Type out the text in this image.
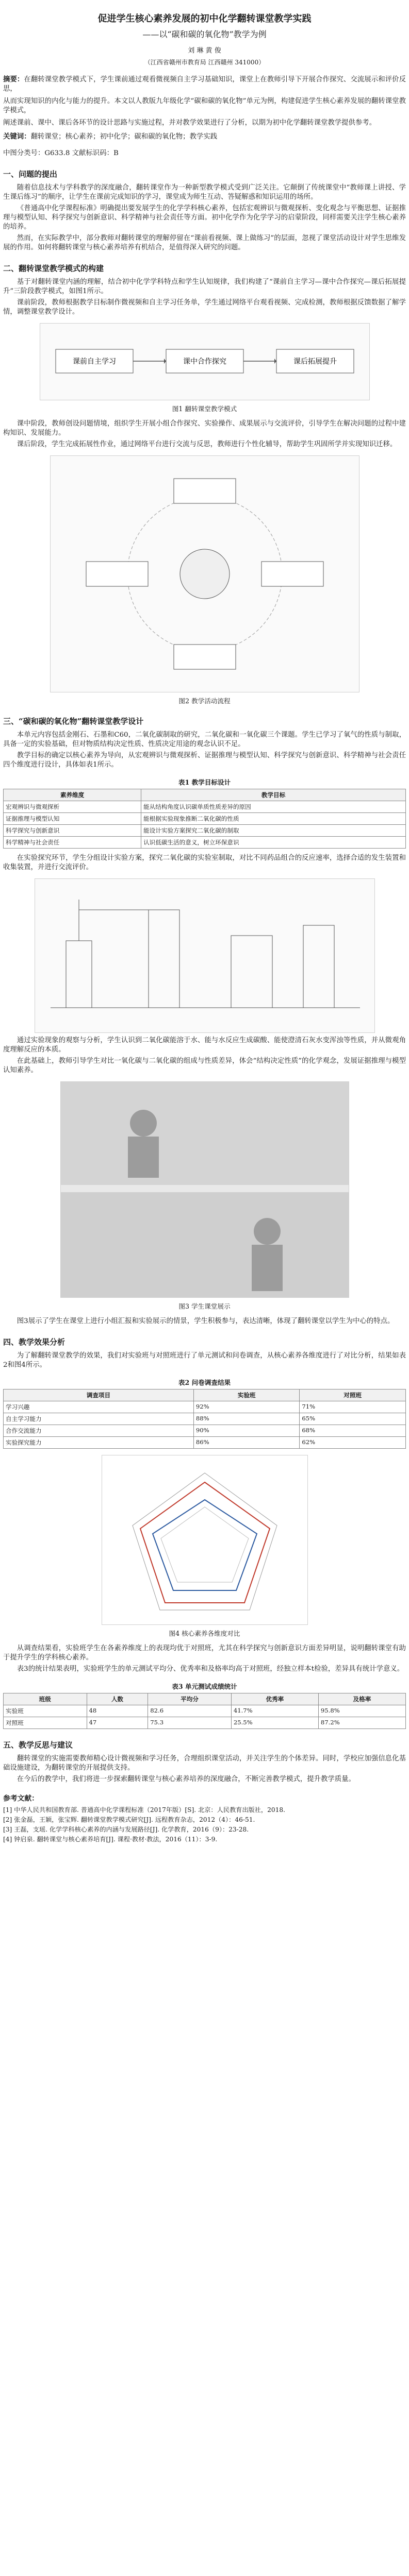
促进学生核心素养发展的初中化学翻转课堂教学实践
——以“碳和碳的氧化物”教学为例
刘 琳 黄 俊
（江西省赣州市教育局 江西赣州 341000）

摘要：在翻转课堂教学模式下，学生课前通过观看微视频自主学习基础知识，课堂上在教师引导下开展合作探究、交流展示和评价反思，

从而实现知识的内化与能力的提升。本文以人教版九年级化学“碳和碳的氧化物”单元为例，构建促进学生核心素养发展的翻转课堂教学模式，

阐述课前、课中、课后各环节的设计思路与实施过程，并对教学效果进行了分析，以期为初中化学翻转课堂教学提供参考。

关键词：翻转课堂；核心素养；初中化学；碳和碳的氧化物；教学实践

中图分类号：G633.8 文献标识码：B

一、问题的提出

随着信息技术与学科教学的深度融合，翻转课堂作为一种新型教学模式受到广泛关注。它颠倒了传统课堂中“教师课上讲授、学生课后练习”的顺序，让学生在课前完成知识的学习，课堂成为师生互动、答疑解惑和知识运用的场所。

《普通高中化学课程标准》明确提出要发展学生的化学学科核心素养，包括宏观辨识与微观探析、变化观念与平衡思想、证据推理与模型认知、科学探究与创新意识、科学精神与社会责任等方面。初中化学作为化学学习的启蒙阶段，同样需要关注学生核心素养的培养。

然而，在实际教学中，部分教师对翻转课堂的理解停留在“课前看视频、课上做练习”的层面，忽视了课堂活动设计对学生思维发展的作用。如何将翻转课堂与核心素养培养有机结合，是值得深入研究的问题。

二、翻转课堂教学模式的构建

基于对翻转课堂内涵的理解，结合初中化学学科特点和学生认知规律，我们构建了“课前自主学习—课中合作探究—课后拓展提升”三阶段教学模式，如图1所示。

课前阶段，教师根据教学目标制作微视频和自主学习任务单，学生通过网络平台观看视频、完成检测，教师根据反馈数据了解学情，调整课堂教学设计。

课前自主学习	课中合作探究	课后拓展提升
图1 翻转课堂教学模式

课中阶段，教师创设问题情境，组织学生开展小组合作探究、实验操作、成果展示与交流评价，引导学生在解决问题的过程中建构知识、发展能力。

课后阶段，学生完成拓展性作业，通过网络平台进行交流与反思，教师进行个性化辅导，帮助学生巩固所学并实现知识迁移。

图2 教学活动流程
三、“碳和碳的氧化物”翻转课堂教学设计

本单元内容包括金刚石、石墨和C60，二氧化碳制取的研究，二氧化碳和一氧化碳三个课题。学生已学习了氧气的性质与制取，具备一定的实验基础，但对物质结构决定性质、性质决定用途的观念认识不足。

教学目标的确定以核心素养为导向，从宏观辨识与微观探析、证据推理与模型认知、科学探究与创新意识、科学精神与社会责任四个维度进行设计，具体如表1所示。

表1 教学目标设计
素养维度	教学目标
宏观辨识与微观探析	能从结构角度认识碳单质性质差异的原因
证据推理与模型认知	能根据实验现象推断二氧化碳的性质
科学探究与创新意识	能设计实验方案探究二氧化碳的制取
科学精神与社会责任	认识低碳生活的意义，树立环保意识

在实验探究环节，学生分组设计实验方案，探究二氧化碳的实验室制取，对比不同药品组合的反应速率，选择合适的发生装置和收集装置，并进行交流评价。

通过实验现象的观察与分析，学生认识到二氧化碳能溶于水、能与水反应生成碳酸、能使澄清石灰水变浑浊等性质，并从微观角度理解反应的本质。

在此基础上，教师引导学生对比一氧化碳与二氧化碳的组成与性质差异，体会“结构决定性质”的化学观念，发展证据推理与模型认知素养。

图3 学生课堂展示

图3展示了学生在课堂上进行小组汇报和实验展示的情景，学生积极参与，表达清晰，体现了翻转课堂以学生为中心的特点。

四、教学效果分析

为了解翻转课堂教学的效果，我们对实验班与对照班进行了单元测试和问卷调查，从核心素养各维度进行了对比分析，结果如表2和图4所示。

表2 问卷调查结果
调查项目	实验班	对照班
学习兴趣	92%	71%
自主学习能力	88%	65%
合作交流能力	90%	68%
实验探究能力	86%	62%
图4 核心素养各维度对比

从调查结果看，实验班学生在各素养维度上的表现均优于对照班，尤其在科学探究与创新意识方面差异明显，说明翻转课堂有助于提升学生的学科核心素养。

表3的统计结果表明，实验班学生的单元测试平均分、优秀率和及格率均高于对照班，经独立样本t检验，差异具有统计学意义。

表3 单元测试成绩统计
班级	人数	平均分	优秀率	及格率
实验班	48	82.6	41.7%	95.8%
对照班	47	75.3	25.5%	87.2%
五、教学反思与建议

翻转课堂的实施需要教师精心设计微视频和学习任务，合理组织课堂活动，并关注学生的个体差异。同时，学校应加强信息化基础设施建设，为翻转课堂的开展提供支持。

在今后的教学中，我们将进一步探索翻转课堂与核心素养培养的深度融合，不断完善教学模式，提升教学质量。

参考文献：

[1] 中华人民共和国教育部. 普通高中化学课程标准（2017年版）[S]. 北京：人民教育出版社，2018.

[2] 张金磊，王颖，张宝辉. 翻转课堂教学模式研究[J]. 远程教育杂志，2012（4）：46-51.

[3] 王磊，支瑶. 化学学科核心素养的内涵与发展路径[J]. 化学教育，2016（9）：23-28.

[4] 钟启泉. 翻转课堂与核心素养培育[J]. 课程·教材·教法，2016（11）：3-9.
